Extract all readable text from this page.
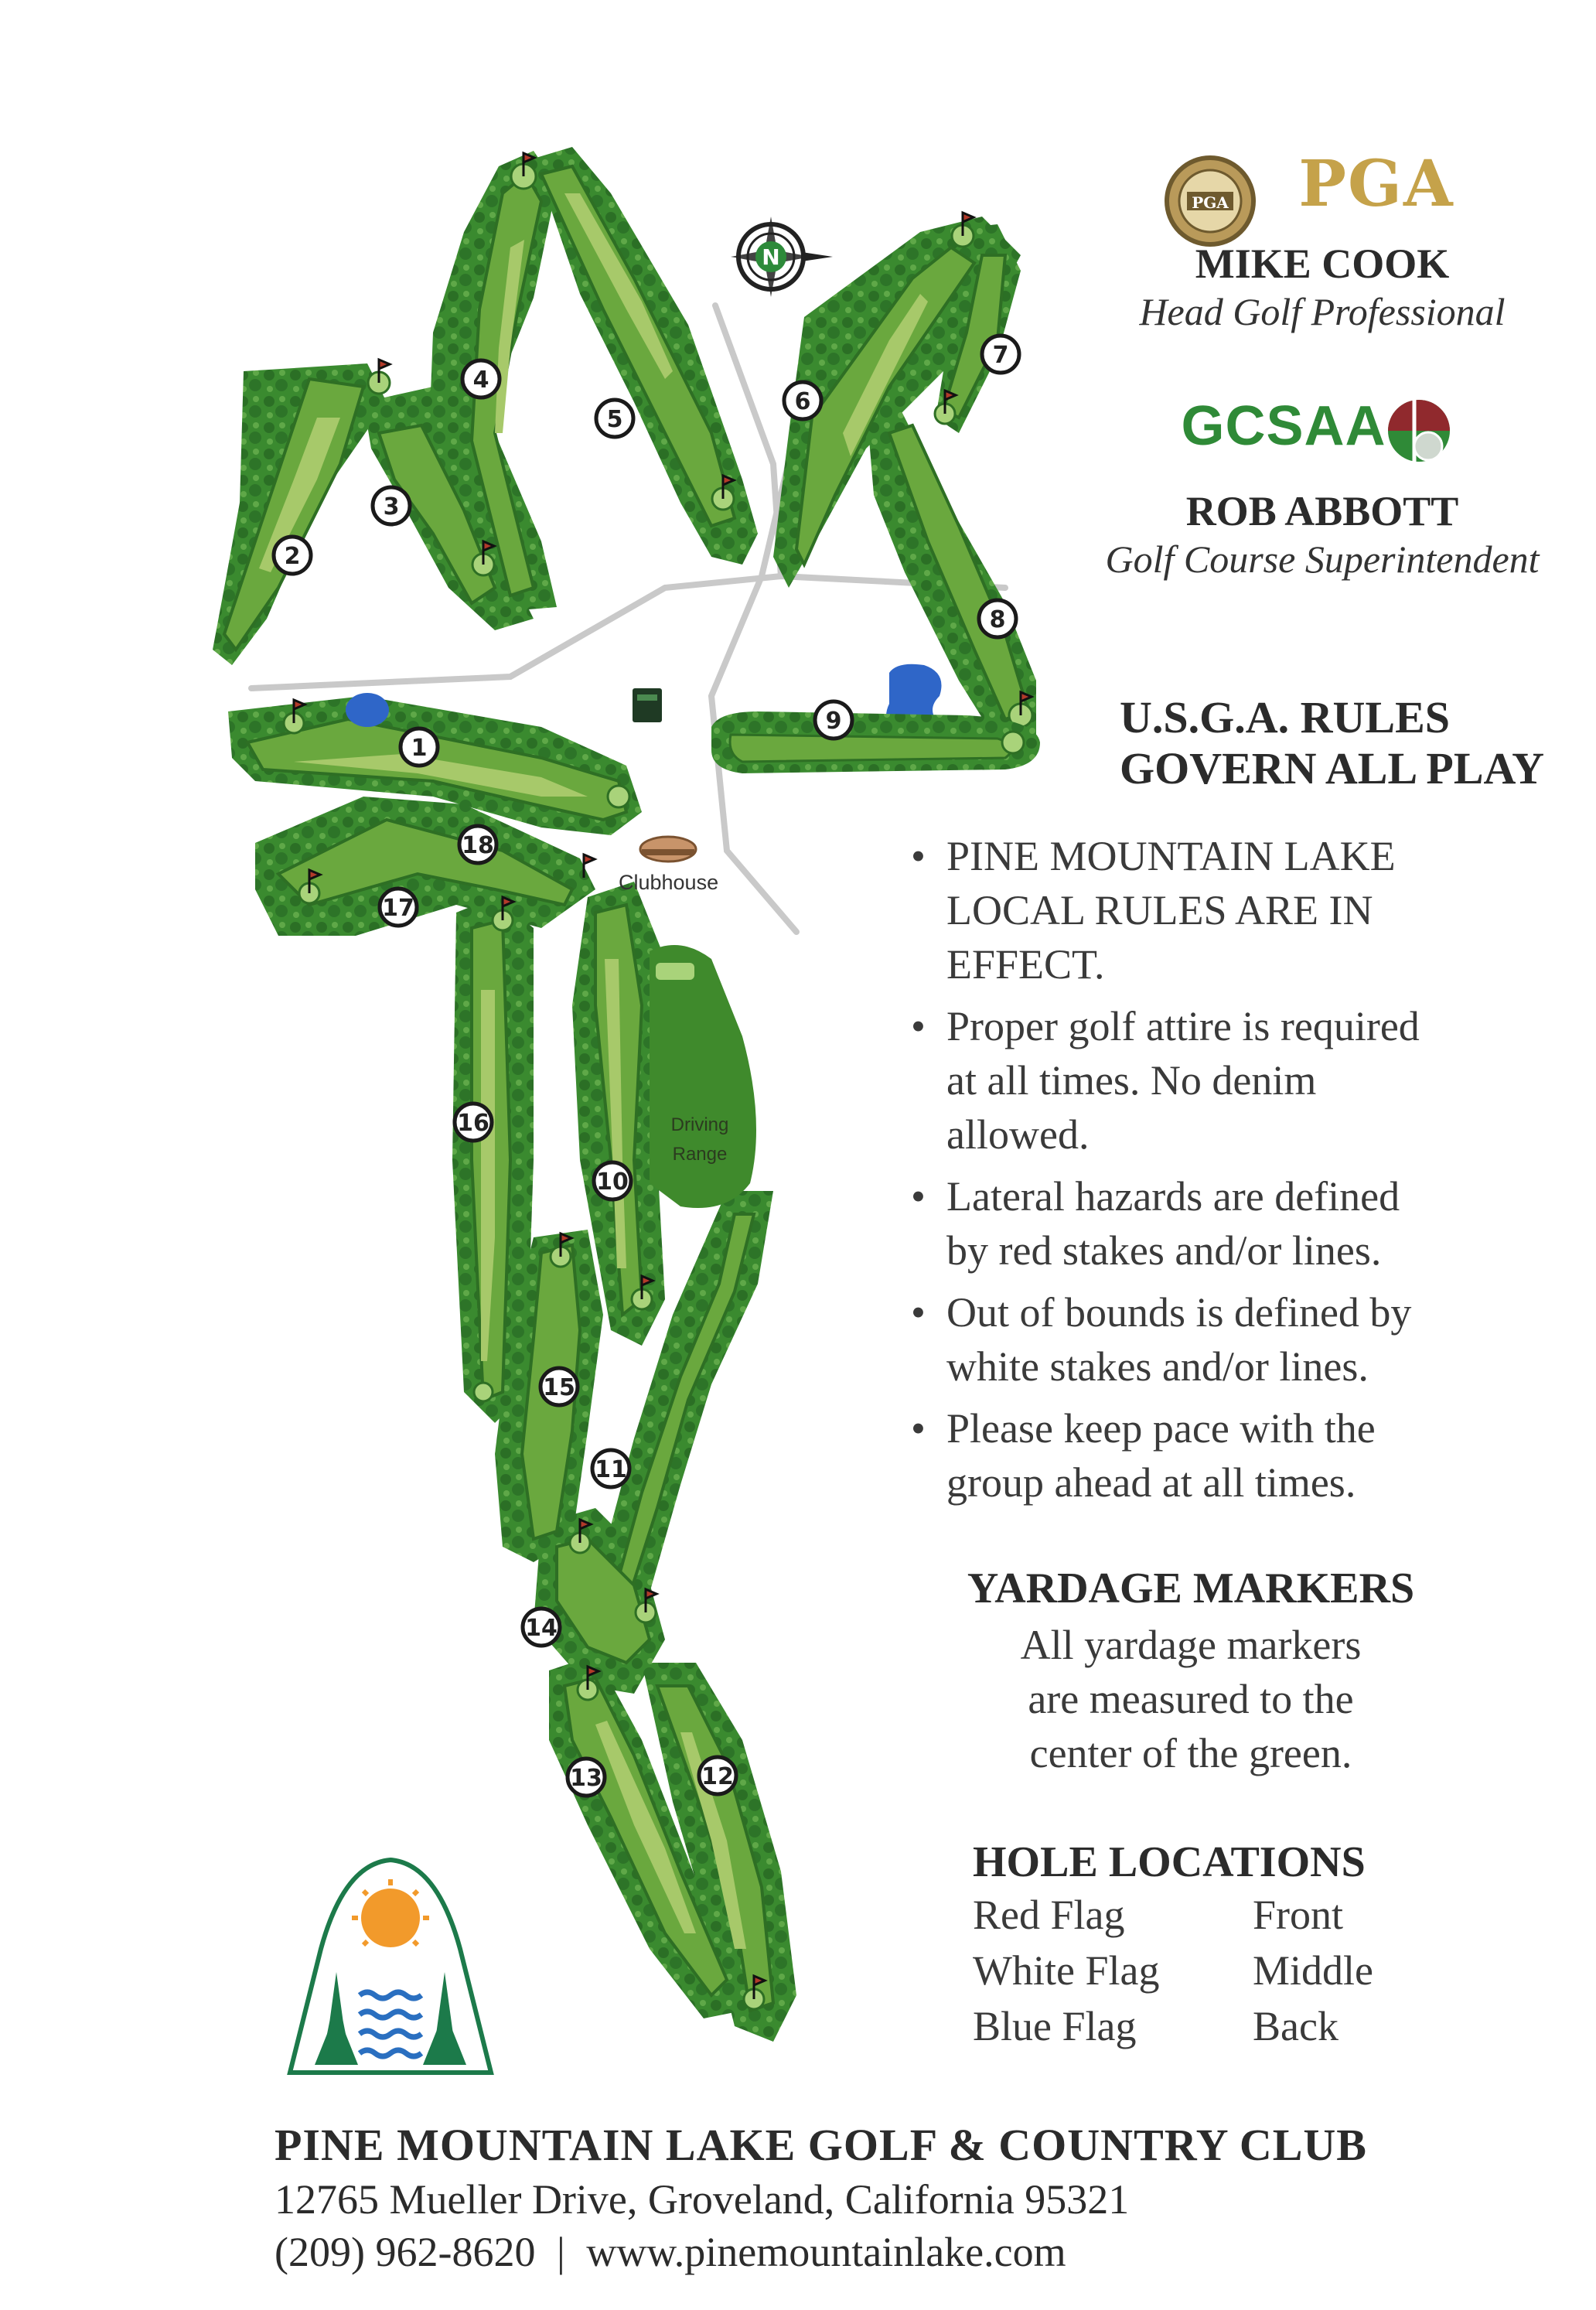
N
Clubhouse
Driving
Range
1
2
3
4
5
6
7
8
9
10
11
12
13
14
15
16
17
18
PGA	PGA
MIKE COOK
Head Golf Professional
GCSAA
ROB ABBOTT
Golf Course Superintendent
U.S.G.A. RULES
GOVERN ALL PLAY
• PINE MOUNTAIN LAKE
LOCAL RULES ARE IN
EFFECT.
• Proper golf attire is required
at all times. No denim
allowed.
• Lateral hazards are defined
by red stakes and/or lines.
• Out of bounds is defined by
white stakes and/or lines.
• Please keep pace with the
group ahead at all times.
YARDAGE MARKERS
All yardage markers
are measured to the
center of the green.
HOLE LOCATIONS
Red Flag	Front
White Flag	Middle
Blue Flag	Back
PINE MOUNTAIN LAKE GOLF & COUNTRY CLUB
12765 Mueller Drive, Groveland, California 95321
(209) 962-8620 | www.pinemountainlake.com
